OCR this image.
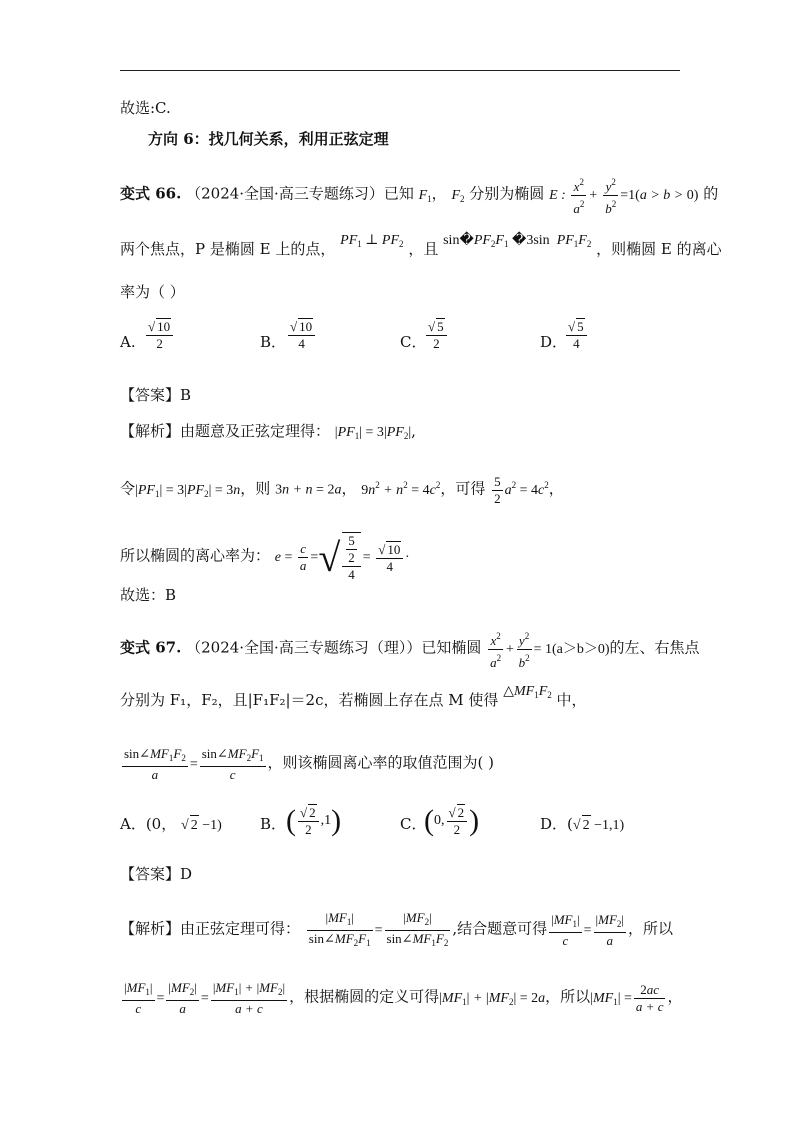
故选:C.
方向 6：找几何关系，利用正弦定理
变式 66. （2024·全国·高三专题练习）已知 $F_1$， $F_2$ 分别为椭圆 E : $\frac{x^2}{a^2} + \frac{y^2}{b^2} =1(a > b > 0)$ 的
两个焦点，P 是椭圆 E 上的点， $PF_1$ ⊥ $PF_2$ ，且 $\sin�PF_2F_1$ �3sin  $PF_1F_2$ ，则椭圆 E 的离心
率为（ ）
A. $\frac{√ 10}{2}$	B． $\frac{√ 10}{4}$	C． $\frac{√ 5}{2}$	D．
$\frac{√ 5}{4}$
【答案】B
【解析】由题意及正弦定理得： $|PF_1| = 3|PF_2|$,
令$|PF_1| = 3|PF_2| = 3n$，则 3n + n = 2a， $9n^2 + n^2 = 4c^2$，可得 $\frac{5}{2} a^2 = 4c^2$，
所以椭圆的离心率为： $e = \frac{c}{a}$ =√ $\frac{\frac{5}{2}}{4} = \frac{√ 10}{4}$ ·
故选：B
变式 67. （2024·全国·高三专题练习（理））已知椭圆 $\frac{x^2}{a^2} + \frac{y^2}{b^2} = 1(a>b>0)$的左、右焦点
分别为 F₁，F₂，且|F₁F₂|＝2c，若椭圆上存在点 M 使得 $\triangle MF_1F_2$ 中，
$\frac{\sin\angle MF_1F_2}{a} = \frac{\sin\angle MF_2F_1}{c}$ ，则该椭圆离心率的取值范围为( )
A．(0， √ 2 −1)	B． ( $\frac{√ 2}{2} ,1$)	C．
(0, $\frac{√ 2}{2}$ )	D．(√ 2 −1,1)
【答案】D
【解析】由正弦定理可得： $\frac{|MF_1|}{\sin\angle MF_2F_1} = \frac{|MF_2|}{\sin\angle MF_1F_2}$ ,结合题意可得 $\frac{|MF_1|}{c} = \frac{|MF_2|}{a}$ ，所以
$\frac{|MF_1|}{c} = \frac{|MF_2|}{a} = \frac{|MF_1| + |MF_2|}{a + c}$ ，根据椭圆的定义可得$|MF_1| + |MF_2| = 2a$，所以$|MF_1| = \frac{2ac}{a + c}$ ，
